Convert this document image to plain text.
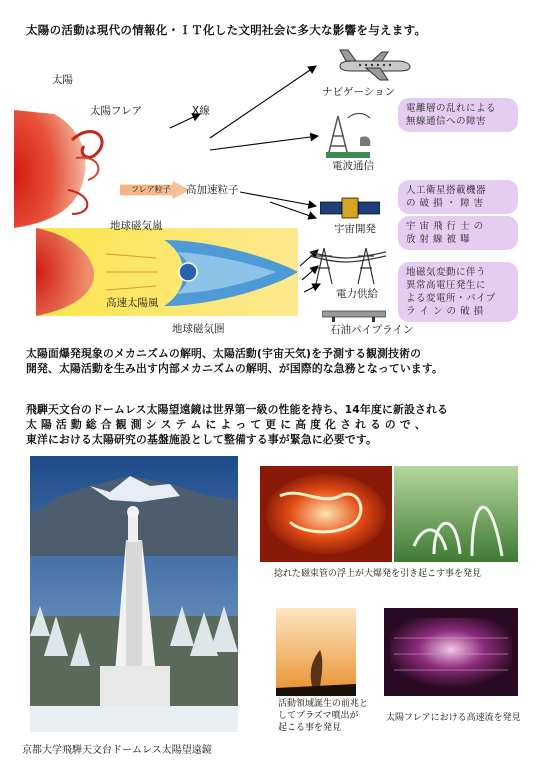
太陽の活動は現代の情報化・ＩＴ化した文明社会に多大な影響を与えます。
太陽
太陽フレア	X線
フレア粒子 高加速粒子
地球磁気嵐
高速太陽風
地球磁気圏
ナビゲーション
電波通信
宇宙開発
電力供給
石油パイプライン
電離層の乱れによる
無線通信への障害
人工衛星搭載機器
の 破 損 ・ 障 害
宇 宙 飛 行 士 の
放 射 線 被 曝
地磁気変動に伴う
異常高電圧発生に
よる変電所・パイプ
ラ イ ン の 破 損
太陽面爆発現象のメカニズムの解明、太陽活動(宇宙天気)を予測する観測技術の
開発、太陽活動を生み出す内部メカニズムの解明、が国際的な急務となっています。
飛騨天文台のドームレス太陽望遠鏡は世界第一級の性能を持ち、14年度に新設される
太 陽 活 動 総 合 観 測 シ ス テ ム に よ っ て 更 に 高 度 化 さ れ る の で 、
東洋における太陽研究の基盤施設として整備する事が緊急に必要です。
京都大学飛騨天文台ドームレス太陽望遠鏡
捻れた磁束管の浮上が大爆発を引き起こす事を発見
活動領域誕生の前兆と
してプラズマ噴出が
起こる事を発見
太陽フレアにおける高速流を発見
